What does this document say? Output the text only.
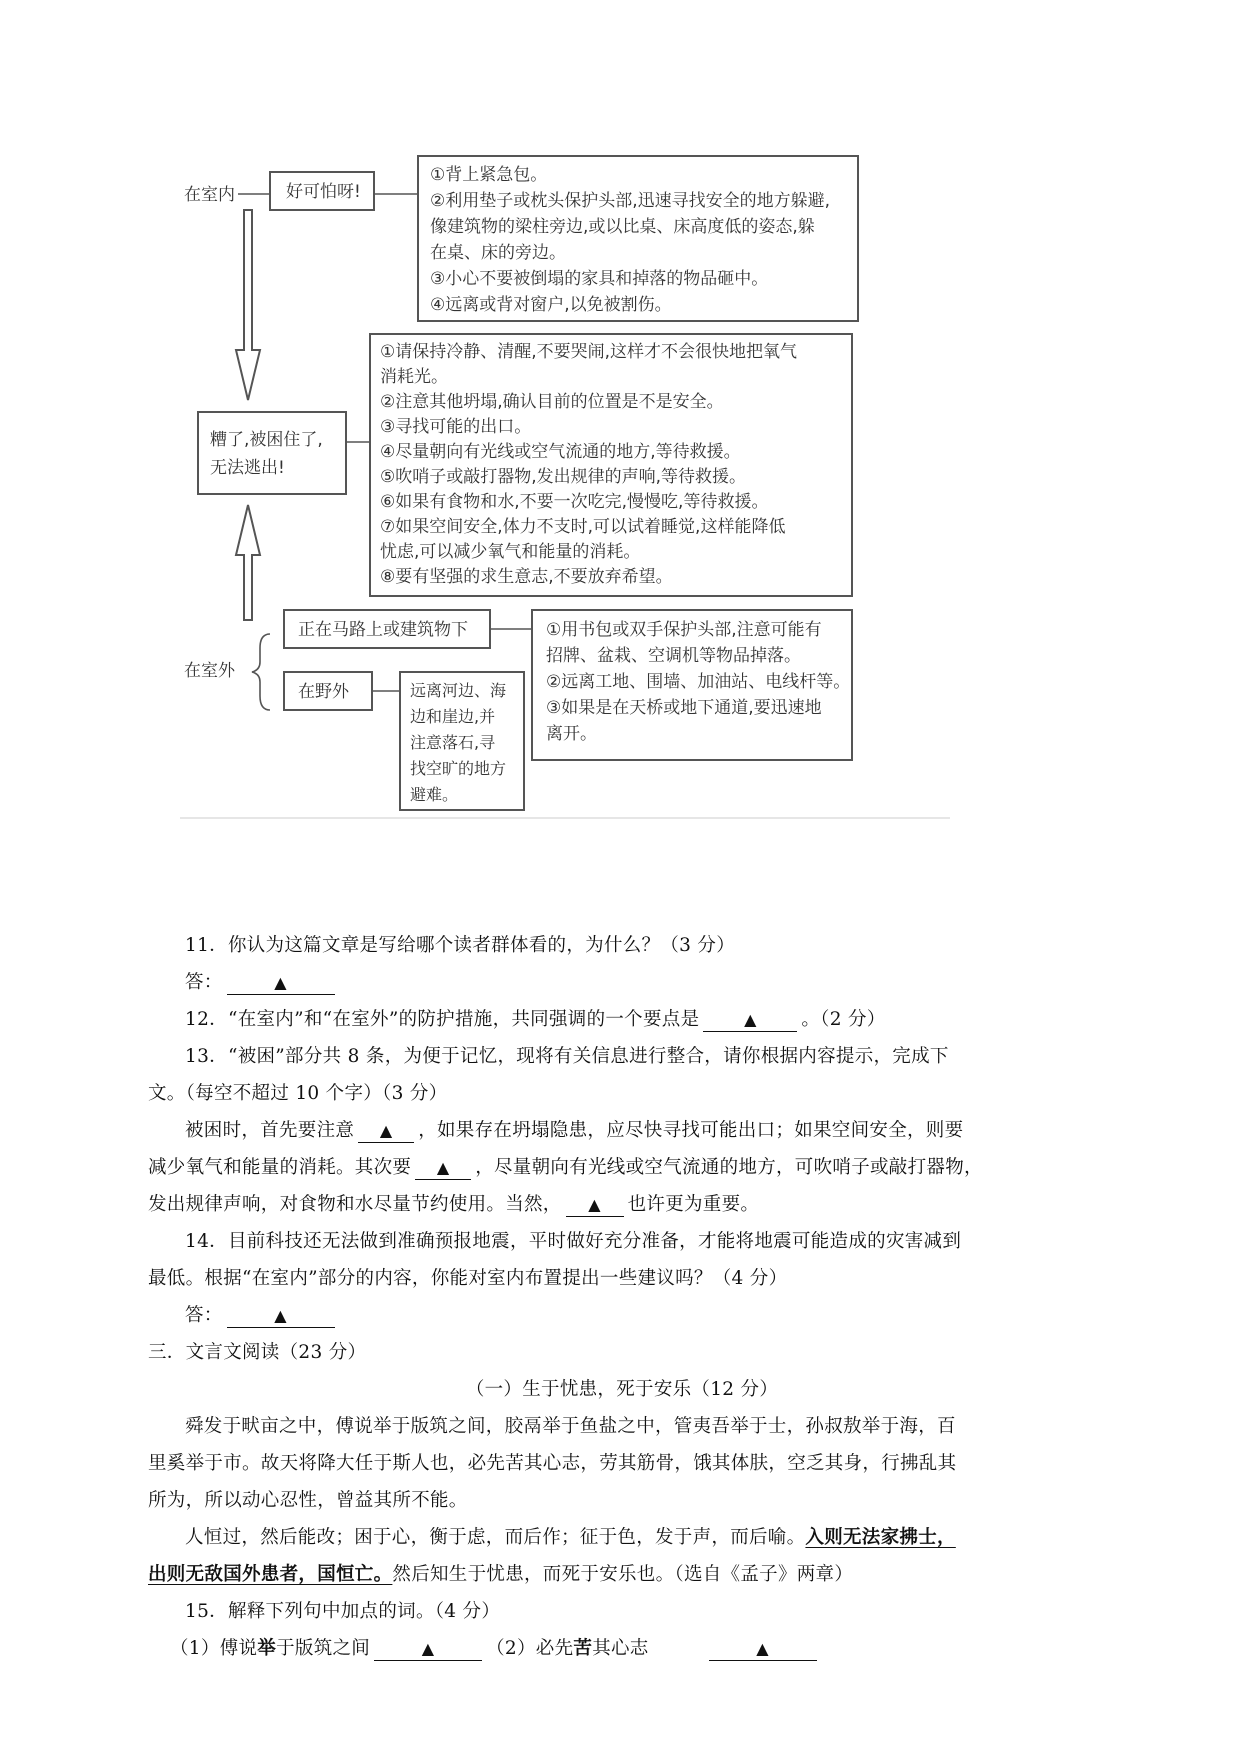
在室内	好可怕呀!
①背上紧急包。
②利用垫子或枕头保护头部,迅速寻找安全的地方躲避,
像建筑物的梁柱旁边,或以比桌、床高度低的姿态,躲
在桌、床的旁边。
③小心不要被倒塌的家具和掉落的物品砸中。
④远离或背对窗户,以免被割伤。
糟了,被困住了,
无法逃出!
①请保持冷静、清醒,不要哭闹,这样才不会很快地把氧气
消耗光。
②注意其他坍塌,确认目前的位置是不是安全。
③寻找可能的出口。
④尽量朝向有光线或空气流通的地方,等待救援。
⑤吹哨子或敲打器物,发出规律的声响,等待救援。
⑥如果有食物和水,不要一次吃完,慢慢吃,等待救援。
⑦如果空间安全,体力不支时,可以试着睡觉,这样能降低
忧虑,可以减少氧气和能量的消耗。
⑧要有坚强的求生意志,不要放弃希望。
在室外
正在马路上或建筑物下	①用书包或双手保护头部,注意可能有
招牌、盆栽、空调机等物品掉落。
②远离工地、围墙、加油站、电线杆等。
③如果是在天桥或地下通道,要迅速地
离开。
在野外	远离河边、海
边和崖边,并
注意落石,寻
找空旷的地方
避难。

11．你认为这篇文章是写给哪个读者群体看的，为什么？（3 分）

答：	▲

12．“在室内”和“在室外”的防护措施，共同强调的一个要点是	▲ 。（2 分）

13．“被困”部分共 8 条，为便于记忆，现将有关信息进行整合，请你根据内容提示，完成下

文。（每空不超过 10 个字）（3 分）

被困时，首先要注意 ▲ ，如果存在坍塌隐患，应尽快寻找可能出口；如果空间安全，则要

减少氧气和能量的消耗。其次要 ▲ ，尽量朝向有光线或空气流通的地方，可吹哨子或敲打器物，

发出规律声响，对食物和水尽量节约使用。当然， ▲ 也许更为重要。

14．目前科技还无法做到准确预报地震，平时做好充分准备，才能将地震可能造成的灾害减到

最低。根据“在室内”部分的内容，你能对室内布置提出一些建议吗？（4 分）

答：	▲

三．文言文阅读（23 分）

（一）生于忧患，死于安乐（12 分）

舜发于畎亩之中，傅说举于版筑之间，胶鬲举于鱼盐之中，管夷吾举于士，孙叔敖举于海，百

里奚举于市。故天将降大任于斯人也，必先苦其心志，劳其筋骨，饿其体肤，空乏其身，行拂乱其

所为，所以动心忍性，曾益其所不能。

人恒过，然后能改；困于心，衡于虑，而后作；征于色，发于声，而后喻。入则无法家拂士，

出则无敌国外患者，国恒亡。然后知生于忧患，而死于安乐也。（选自《孟子》两章）

15．解释下列句中加点的词。（4 分）

（1）傅说举于版筑之间	▲	（2）必先苦其心志	▲
